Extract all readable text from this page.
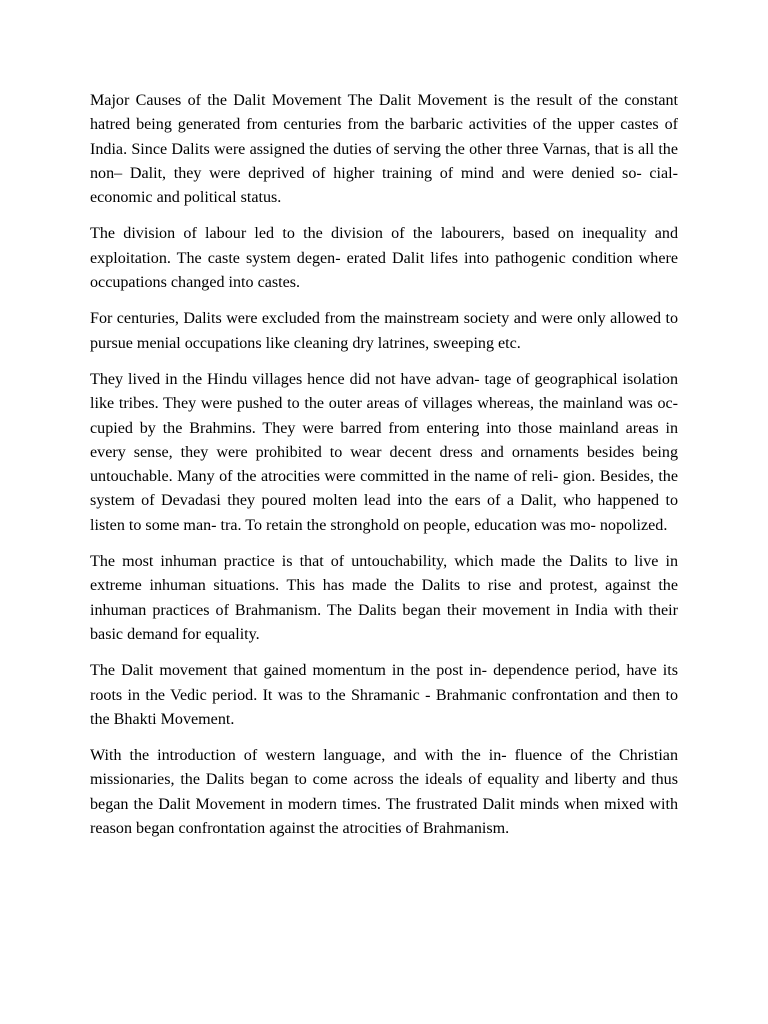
Major Causes of the Dalit Movement The Dalit Movement is the result of the constant hatred being generated from centuries from the barbaric activities of the upper castes of India. Since Dalits were assigned the duties of serving the other three Varnas, that is all the non– Dalit, they were deprived of higher training of mind and were denied so- cial-economic and political status.

The division of labour led to the division of the labourers, based on inequality and exploitation. The caste system degen- erated Dalit lifes into pathogenic condition where occupations changed into castes.

For centuries, Dalits were excluded from the mainstream society and were only allowed to pursue menial occupations like cleaning dry latrines, sweeping etc.

They lived in the Hindu villages hence did not have advan- tage of geographical isolation like tribes. They were pushed to the outer areas of villages whereas, the mainland was oc- cupied by the Brahmins. They were barred from entering into those mainland areas in every sense, they were prohibited to wear decent dress and ornaments besides being untouchable. Many of the atrocities were committed in the name of reli- gion. Besides, the system of Devadasi they poured molten lead into the ears of a Dalit, who happened to listen to some man- tra. To retain the stronghold on people, education was mo- nopolized.

The most inhuman practice is that of untouchability, which made the Dalits to live in extreme inhuman situations. This has made the Dalits to rise and protest, against the inhuman practices of Brahmanism. The Dalits began their movement in India with their basic demand for equality.

The Dalit movement that gained momentum in the post in- dependence period, have its roots in the Vedic period. It was to the Shramanic - Brahmanic confrontation and then to the Bhakti Movement.

With the introduction of western language, and with the in- fluence of the Christian missionaries, the Dalits began to come across the ideals of equality and liberty and thus began the Dalit Movement in modern times. The frustrated Dalit minds when mixed with reason began confrontation against the atrocities of Brahmanism.
